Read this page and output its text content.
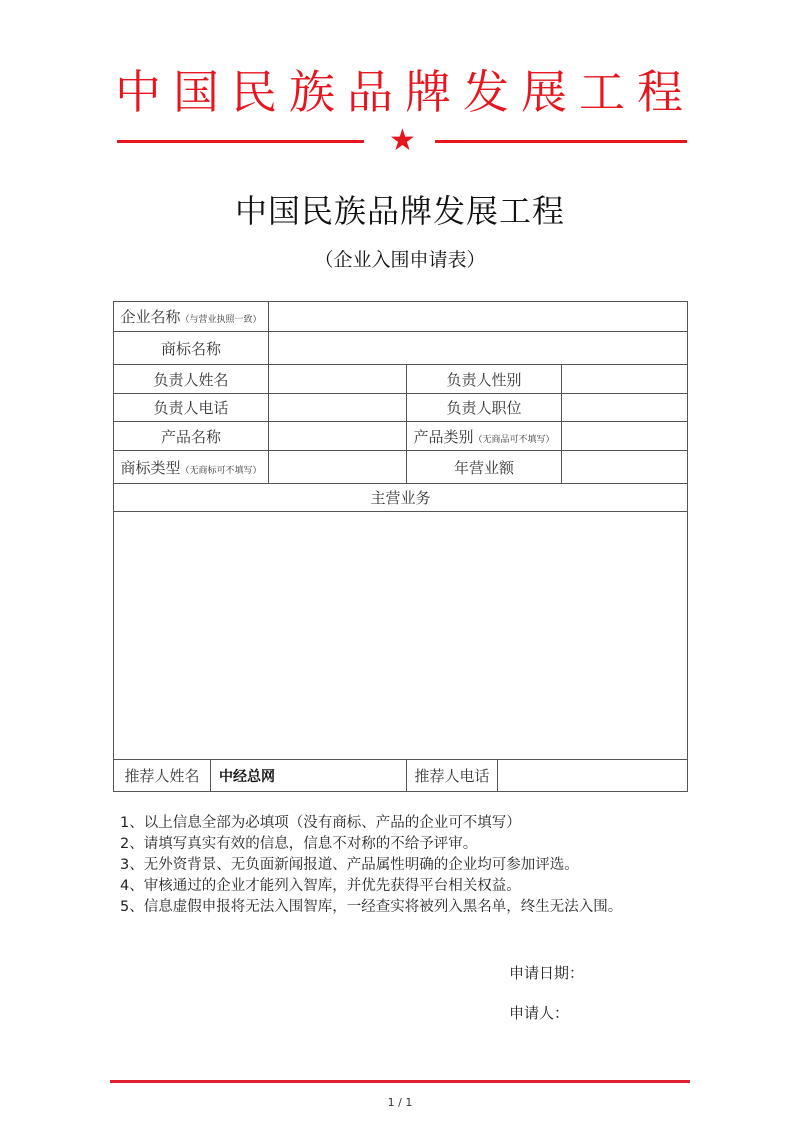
中国民族品牌发展工程
★
中国民族品牌发展工程
（企业入围申请表）
企业名称（与营业执照一致）					
商标名称					
负责人姓名			负责人性别		
负责人电话			负责人职位		
产品名称			产品类别（无商品可不填写）		
商标类型（无商标可不填写）			年营业额		
主营业务					

推荐人姓名	中经总网		推荐人电话		
1、以上信息全部为必填项（没有商标、产品的企业可不填写）
2、请填写真实有效的信息，信息不对称的不给予评审。
3、无外资背景、无负面新闻报道、产品属性明确的企业均可参加评选。
4、审核通过的企业才能列入智库，并优先获得平台相关权益。
5、信息虚假申报将无法入围智库，一经查实将被列入黑名单，终生无法入围。
申请日期：
申请人：
1 / 1
